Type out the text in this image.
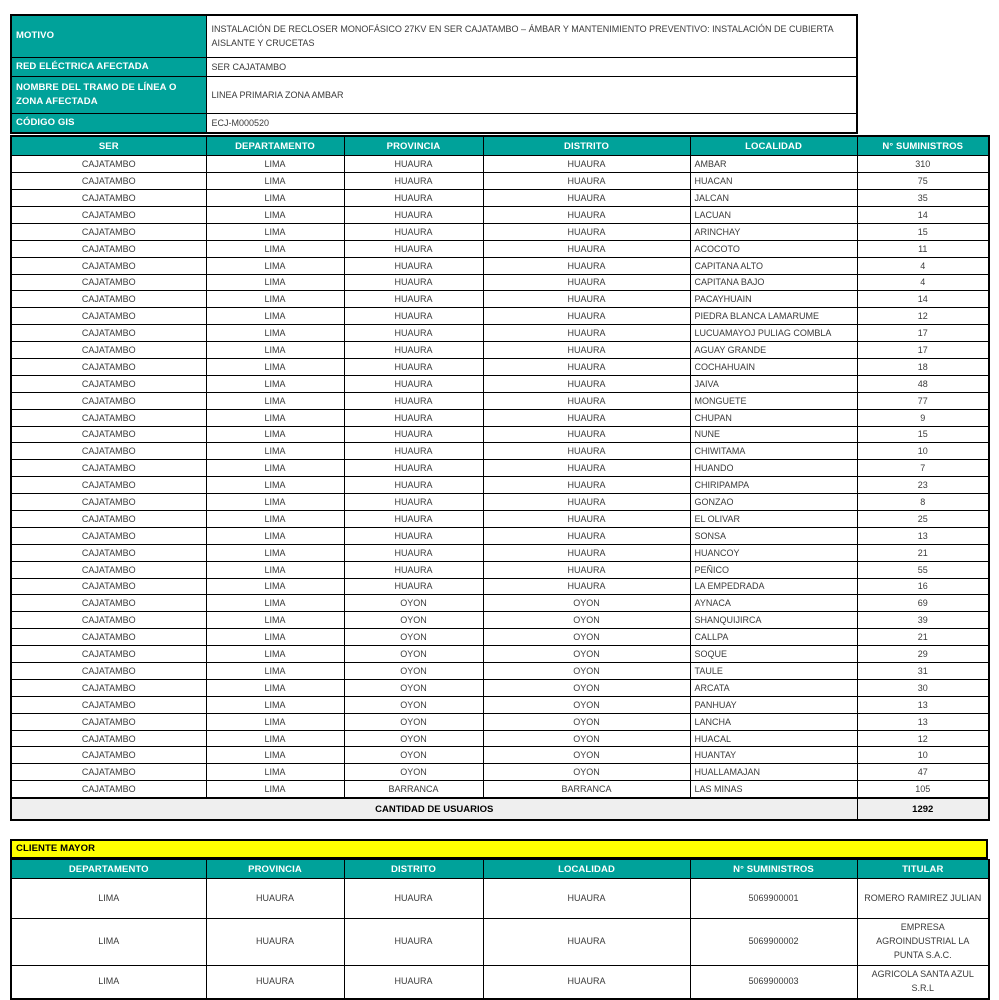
MOTIVO	INSTALACIÓN DE RECLOSER MONOFÁSICO 27KV EN SER CAJATAMBO – ÁMBAR Y MANTENIMIENTO PREVENTIVO: INSTALACIÓN DE CUBIERTA AISLANTE Y CRUCETAS
RED ELÉCTRICA AFECTADA	SER CAJATAMBO
NOMBRE DEL TRAMO DE LÍNEA O ZONA AFECTADA	LINEA PRIMARIA ZONA AMBAR
CÓDIGO GIS	ECJ-M000520
SER	DEPARTAMENTO	PROVINCIA	DISTRITO	LOCALIDAD	N° SUMINISTROS
CAJATAMBO	LIMA	HUAURA	HUAURA	AMBAR	310
CAJATAMBO	LIMA	HUAURA	HUAURA	HUACAN	75
CAJATAMBO	LIMA	HUAURA	HUAURA	JALCAN	35
CAJATAMBO	LIMA	HUAURA	HUAURA	LACUAN	14
CAJATAMBO	LIMA	HUAURA	HUAURA	ARINCHAY	15
CAJATAMBO	LIMA	HUAURA	HUAURA	ACOCOTO	11
CAJATAMBO	LIMA	HUAURA	HUAURA	CAPITANA ALTO	4
CAJATAMBO	LIMA	HUAURA	HUAURA	CAPITANA BAJO	4
CAJATAMBO	LIMA	HUAURA	HUAURA	PACAYHUAIN	14
CAJATAMBO	LIMA	HUAURA	HUAURA	PIEDRA BLANCA LAMARUME	12
CAJATAMBO	LIMA	HUAURA	HUAURA	LUCUAMAYOJ PULIAG COMBLA	17
CAJATAMBO	LIMA	HUAURA	HUAURA	AGUAY GRANDE	17
CAJATAMBO	LIMA	HUAURA	HUAURA	COCHAHUAIN	18
CAJATAMBO	LIMA	HUAURA	HUAURA	JAIVA	48
CAJATAMBO	LIMA	HUAURA	HUAURA	MONGUETE	77
CAJATAMBO	LIMA	HUAURA	HUAURA	CHUPAN	9
CAJATAMBO	LIMA	HUAURA	HUAURA	NUNE	15
CAJATAMBO	LIMA	HUAURA	HUAURA	CHIWITAMA	10
CAJATAMBO	LIMA	HUAURA	HUAURA	HUANDO	7
CAJATAMBO	LIMA	HUAURA	HUAURA	CHIRIPAMPA	23
CAJATAMBO	LIMA	HUAURA	HUAURA	GONZAO	8
CAJATAMBO	LIMA	HUAURA	HUAURA	EL OLIVAR	25
CAJATAMBO	LIMA	HUAURA	HUAURA	SONSA	13
CAJATAMBO	LIMA	HUAURA	HUAURA	HUANCOY	21
CAJATAMBO	LIMA	HUAURA	HUAURA	PEÑICO	55
CAJATAMBO	LIMA	HUAURA	HUAURA	LA EMPEDRADA	16
CAJATAMBO	LIMA	OYON	OYON	AYNACA	69
CAJATAMBO	LIMA	OYON	OYON	SHANQUIJIRCA	39
CAJATAMBO	LIMA	OYON	OYON	CALLPA	21
CAJATAMBO	LIMA	OYON	OYON	SOQUE	29
CAJATAMBO	LIMA	OYON	OYON	TAULE	31
CAJATAMBO	LIMA	OYON	OYON	ARCATA	30
CAJATAMBO	LIMA	OYON	OYON	PANHUAY	13
CAJATAMBO	LIMA	OYON	OYON	LANCHA	13
CAJATAMBO	LIMA	OYON	OYON	HUACAL	12
CAJATAMBO	LIMA	OYON	OYON	HUANTAY	10
CAJATAMBO	LIMA	OYON	OYON	HUALLAMAJAN	47
CAJATAMBO	LIMA	BARRANCA	BARRANCA	LAS MINAS	105
CANTIDAD DE USUARIOS					1292
CLIENTE MAYOR
DEPARTAMENTO	PROVINCIA	DISTRITO	LOCALIDAD	N° SUMINISTROS	TITULAR
LIMA	HUAURA	HUAURA	HUAURA	5069900001	ROMERO RAMIREZ JULIAN
LIMA	HUAURA	HUAURA	HUAURA	5069900002	EMPRESA AGROINDUSTRIAL LA PUNTA S.A.C.
LIMA	HUAURA	HUAURA	HUAURA	5069900003	AGRICOLA SANTA AZUL S.R.L
